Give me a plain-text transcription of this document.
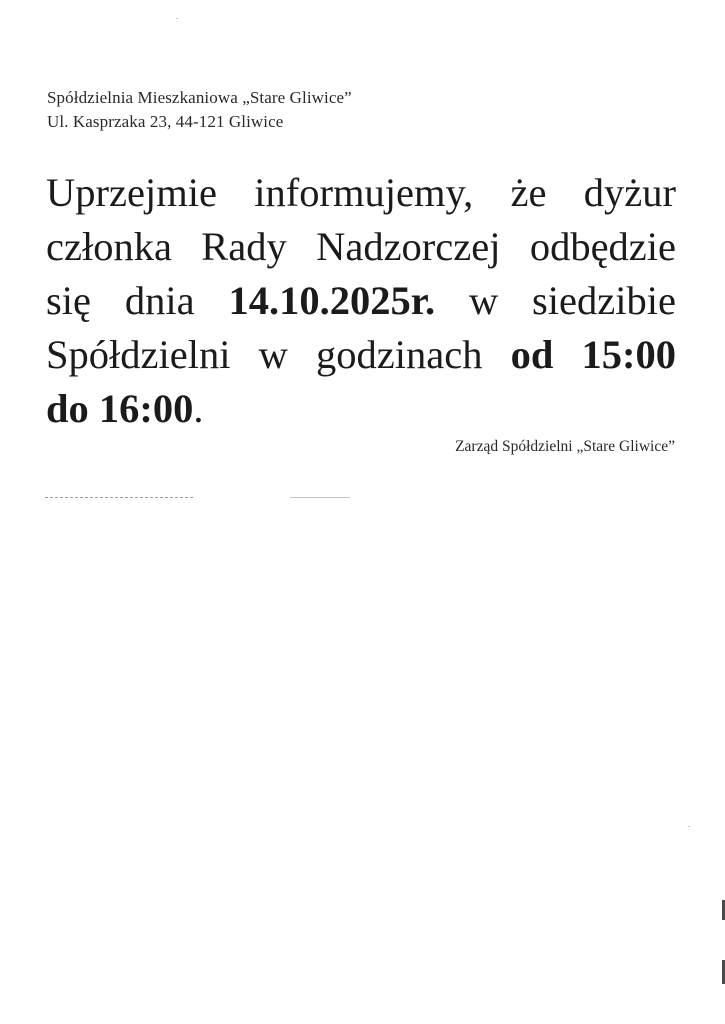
Spółdzielnia Mieszkaniowa „Stare Gliwice”
Ul. Kasprzaka 23, 44-121 Gliwice
Uprzejmie informujemy, że dyżur
członka Rady Nadzorczej odbędzie
się dnia 14.10.2025r. w siedzibie
Spółdzielni w godzinach od 15:00
do 16:00.
Zarząd Spółdzielni „Stare Gliwice”
